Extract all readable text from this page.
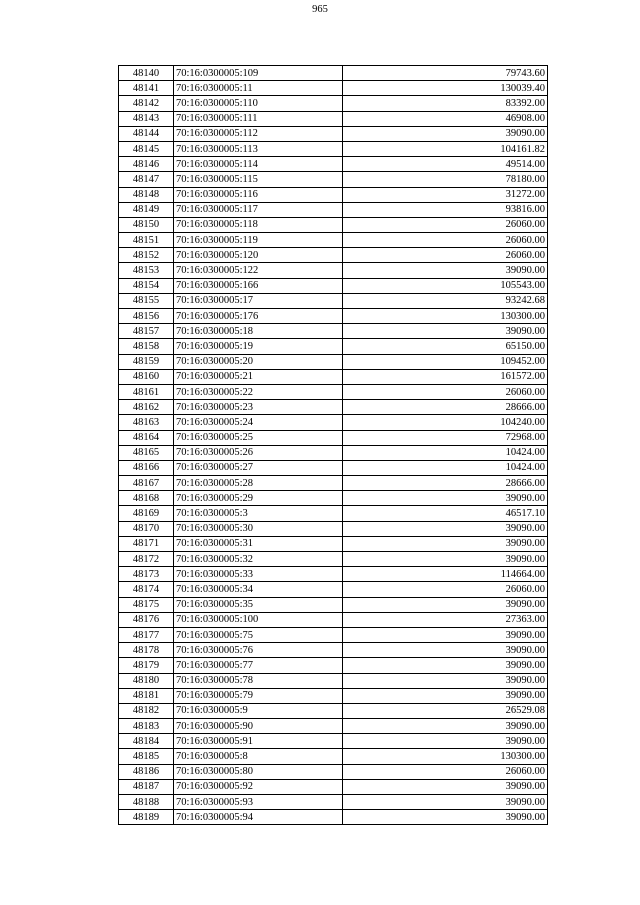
965
48140	70:16:0300005:109	79743.60
48141	70:16:0300005:11	130039.40
48142	70:16:0300005:110	83392.00
48143	70:16:0300005:111	46908.00
48144	70:16:0300005:112	39090.00
48145	70:16:0300005:113	104161.82
48146	70:16:0300005:114	49514.00
48147	70:16:0300005:115	78180.00
48148	70:16:0300005:116	31272.00
48149	70:16:0300005:117	93816.00
48150	70:16:0300005:118	26060.00
48151	70:16:0300005:119	26060.00
48152	70:16:0300005:120	26060.00
48153	70:16:0300005:122	39090.00
48154	70:16:0300005:166	105543.00
48155	70:16:0300005:17	93242.68
48156	70:16:0300005:176	130300.00
48157	70:16:0300005:18	39090.00
48158	70:16:0300005:19	65150.00
48159	70:16:0300005:20	109452.00
48160	70:16:0300005:21	161572.00
48161	70:16:0300005:22	26060.00
48162	70:16:0300005:23	28666.00
48163	70:16:0300005:24	104240.00
48164	70:16:0300005:25	72968.00
48165	70:16:0300005:26	10424.00
48166	70:16:0300005:27	10424.00
48167	70:16:0300005:28	28666.00
48168	70:16:0300005:29	39090.00
48169	70:16:0300005:3	46517.10
48170	70:16:0300005:30	39090.00
48171	70:16:0300005:31	39090.00
48172	70:16:0300005:32	39090.00
48173	70:16:0300005:33	114664.00
48174	70:16:0300005:34	26060.00
48175	70:16:0300005:35	39090.00
48176	70:16:0300005:100	27363.00
48177	70:16:0300005:75	39090.00
48178	70:16:0300005:76	39090.00
48179	70:16:0300005:77	39090.00
48180	70:16:0300005:78	39090.00
48181	70:16:0300005:79	39090.00
48182	70:16:0300005:9	26529.08
48183	70:16:0300005:90	39090.00
48184	70:16:0300005:91	39090.00
48185	70:16:0300005:8	130300.00
48186	70:16:0300005:80	26060.00
48187	70:16:0300005:92	39090.00
48188	70:16:0300005:93	39090.00
48189	70:16:0300005:94	39090.00
